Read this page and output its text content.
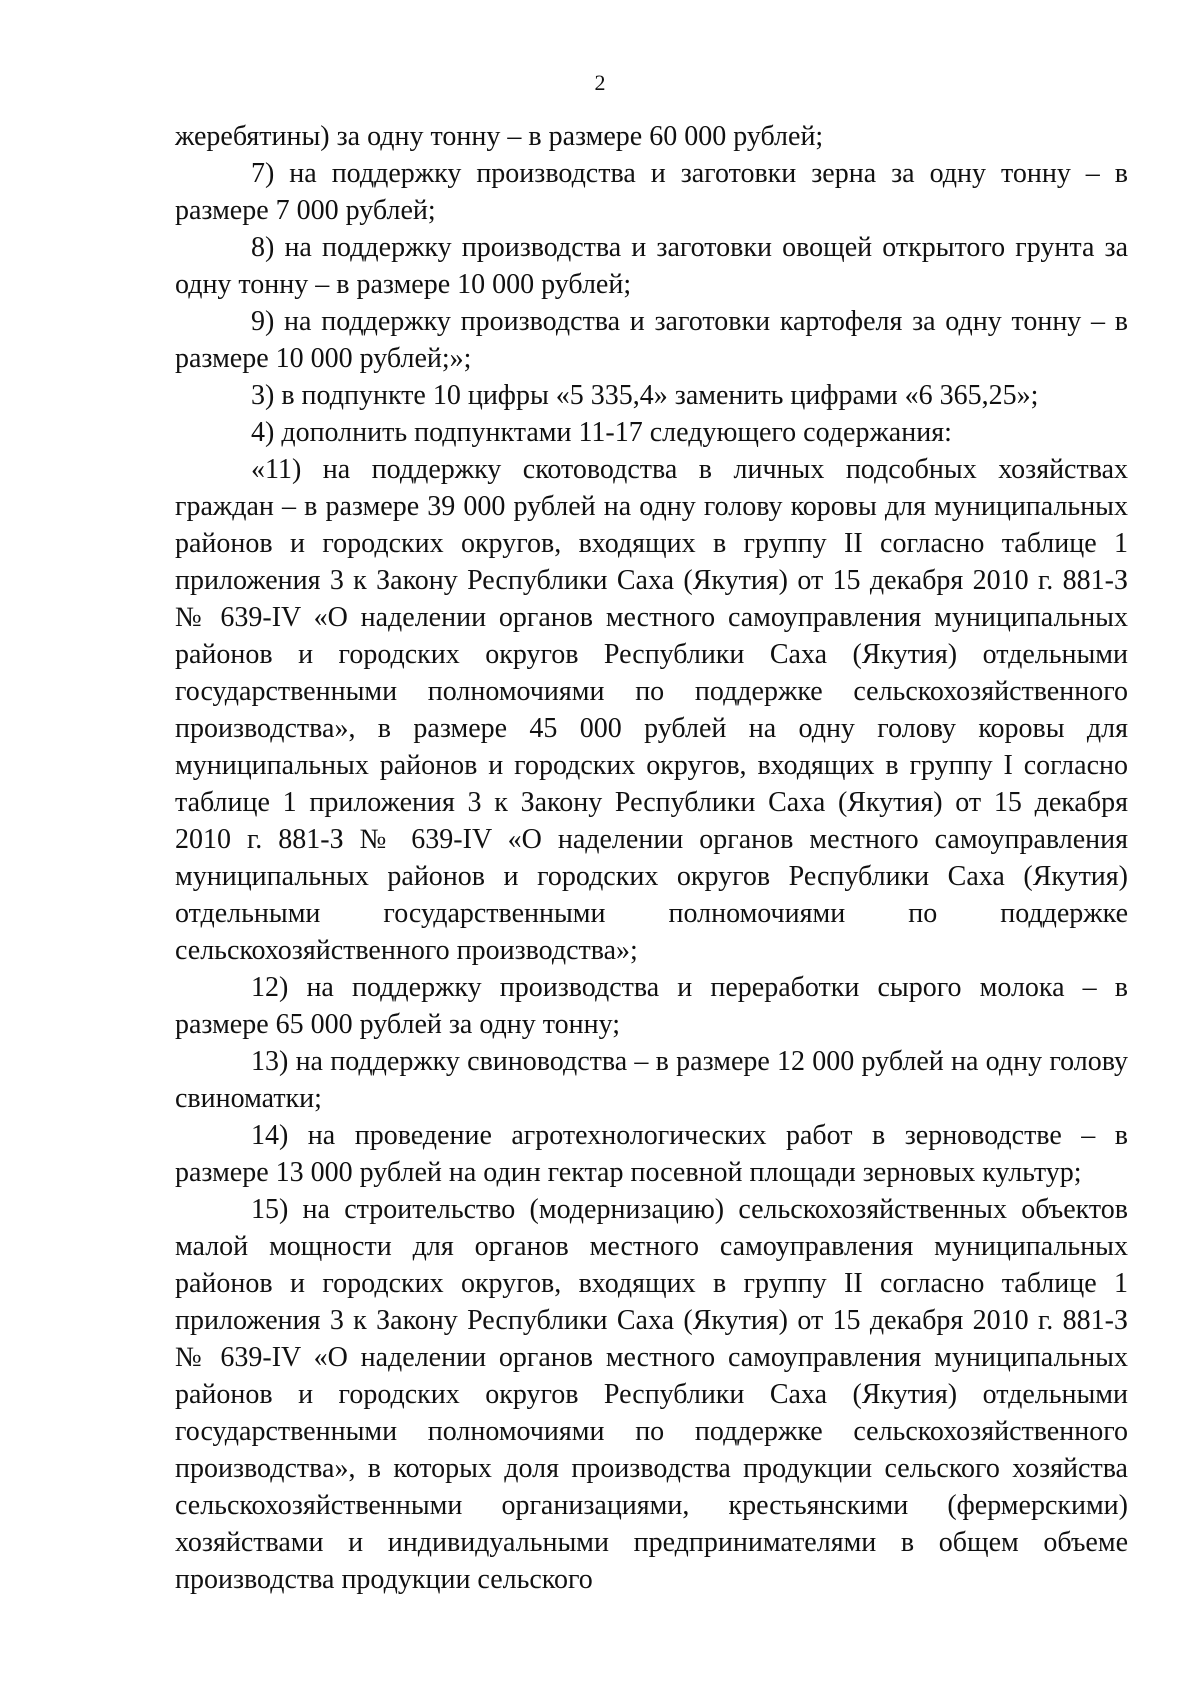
2

жеребятины) за одну тонну – в размере 60 000 рублей;

7) на поддержку производства и заготовки зерна за одну тонну – в размере 7 000 рублей;

8) на поддержку производства и заготовки овощей открытого грунта за одну тонну – в размере 10 000 рублей;

9) на поддержку производства и заготовки картофеля за одну тонну – в размере 10 000 рублей;»;

3) в подпункте 10 цифры «5 335,4» заменить цифрами «6 365,25»;

4) дополнить подпунктами 11-17 следующего содержания:

«11) на поддержку скотоводства в личных подсобных хозяйствах граждан – в размере 39 000 рублей на одну голову коровы для муниципальных районов и городских округов, входящих в группу II согласно таблице 1 приложения 3 к Закону Республики Саха (Якутия) от 15 декабря 2010 г. 881-З № 639-IV «О наделении органов местного самоуправления муниципальных районов и городских округов Республики Саха (Якутия) отдельными государственными полномочиями по поддержке сельскохозяйственного производства», в размере 45 000 рублей на одну голову коровы для муниципальных районов и городских округов, входящих в группу I согласно таблице 1 приложения 3 к Закону Республики Саха (Якутия) от 15 декабря 2010 г. 881-З № 639-IV «О наделении органов местного самоуправления муниципальных районов и городских округов Республики Саха (Якутия) отдельными государственными полномочиями по поддержке сельскохозяйственного производства»;

12) на поддержку производства и переработки сырого молока – в размере 65 000 рублей за одну тонну;

13) на поддержку свиноводства – в размере 12 000 рублей на одну голову свиноматки;

14) на проведение агротехнологических работ в зерноводстве – в размере 13 000 рублей на один гектар посевной площади зерновых культур;

15) на строительство (модернизацию) сельскохозяйственных объектов малой мощности для органов местного самоуправления муниципальных районов и городских округов, входящих в группу II согласно таблице 1 приложения 3 к Закону Республики Саха (Якутия) от 15 декабря 2010 г. 881-З № 639-IV «О наделении органов местного самоуправления муниципальных районов и городских округов Республики Саха (Якутия) отдельными государственными полномочиями по поддержке сельскохозяйственного производства», в которых доля производства продукции сельского хозяйства сельскохозяйственными организациями, крестьянскими (фермерскими) хозяйствами и индивидуальными предпринимателями в общем объеме производства продукции сельского
